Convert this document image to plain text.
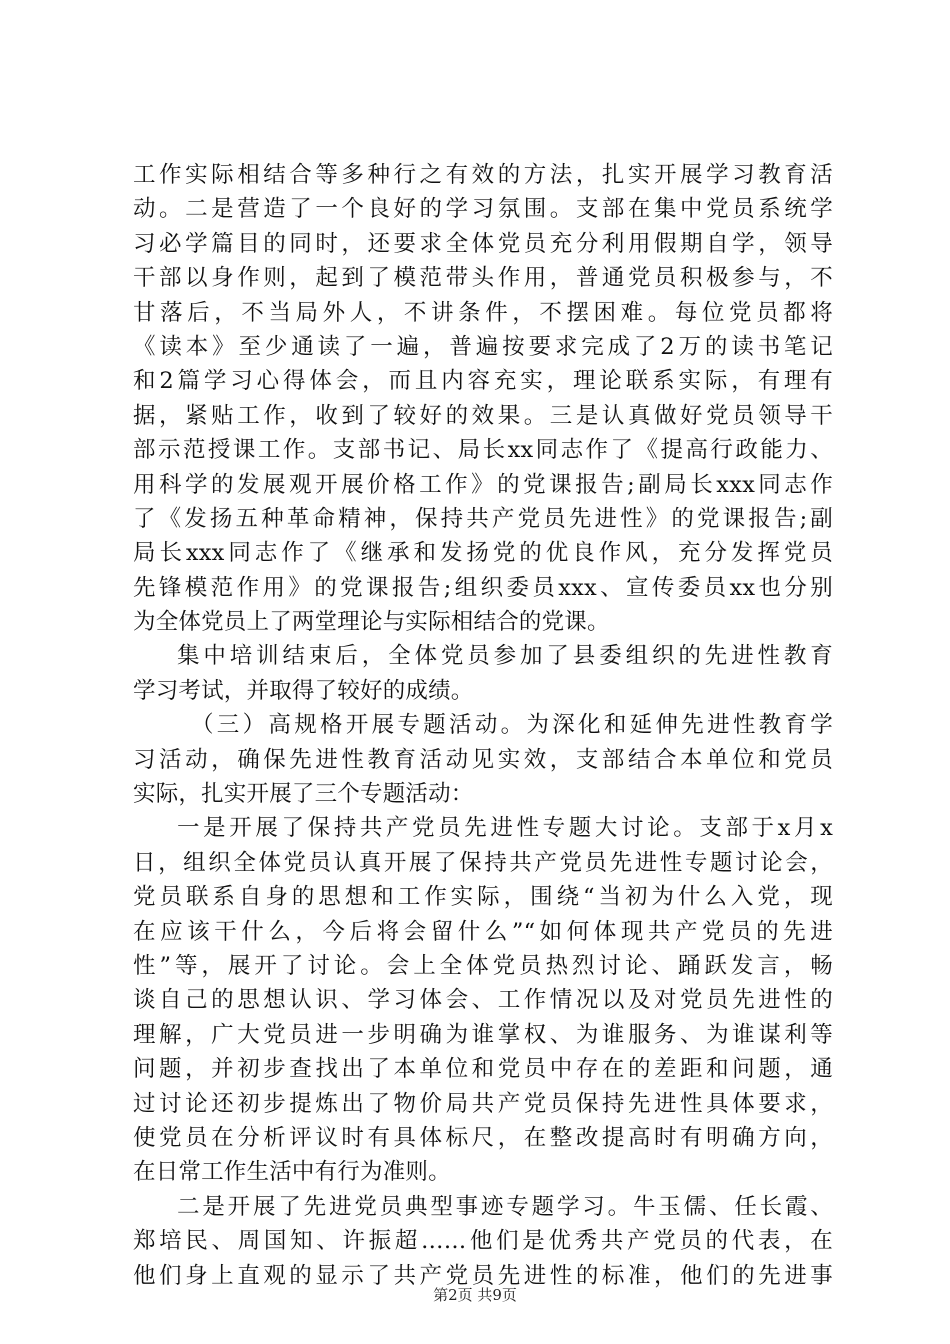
工作实际相结合等多种行之有效的方法，扎实开展学习教育活
动。二是营造了一个良好的学习氛围。支部在集中党员系统学
习必学篇目的同时，还要求全体党员充分利用假期自学，领导
干部以身作则，起到了模范带头作用，普通党员积极参与，不
甘落后，不当局外人，不讲条件，不摆困难。每位党员都将
《读本》至少通读了一遍，普遍按要求完成了2万的读书笔记
和2篇学习心得体会，而且内容充实，理论联系实际，有理有
据，紧贴工作，收到了较好的效果。三是认真做好党员领导干
部示范授课工作。支部书记、局长xx同志作了《提高行政能力、
用科学的发展观开展价格工作》的党课报告;副局长xxx同志作
了《发扬五种革命精神，保持共产党员先进性》的党课报告;副
局长xxx同志作了《继承和发扬党的优良作风，充分发挥党员
先锋模范作用》的党课报告;组织委员xxx、宣传委员xx也分别
为全体党员上了两堂理论与实际相结合的党课。
集中培训结束后，全体党员参加了县委组织的先进性教育
学习考试，并取得了较好的成绩。
（三）高规格开展专题活动。为深化和延伸先进性教育学
习活动，确保先进性教育活动见实效，支部结合本单位和党员
实际，扎实开展了三个专题活动：
一是开展了保持共产党员先进性专题大讨论。支部于x月x
日，组织全体党员认真开展了保持共产党员先进性专题讨论会，
党员联系自身的思想和工作实际，围绕“当初为什么入党，现
在应该干什么，今后将会留什么”“如何体现共产党员的先进
性”等，展开了讨论。会上全体党员热烈讨论、踊跃发言，畅
谈自己的思想认识、学习体会、工作情况以及对党员先进性的
理解，广大党员进一步明确为谁掌权、为谁服务、为谁谋利等
问题，并初步查找出了本单位和党员中存在的差距和问题，通
过讨论还初步提炼出了物价局共产党员保持先进性具体要求，
使党员在分析评议时有具体标尺，在整改提高时有明确方向，
在日常工作生活中有行为准则。
二是开展了先进党员典型事迹专题学习。牛玉儒、任长霞、
郑培民、周国知、许振超……他们是优秀共产党员的代表，在
他们身上直观的显示了共产党员先进性的标准，他们的先进事
第2页 共9页
